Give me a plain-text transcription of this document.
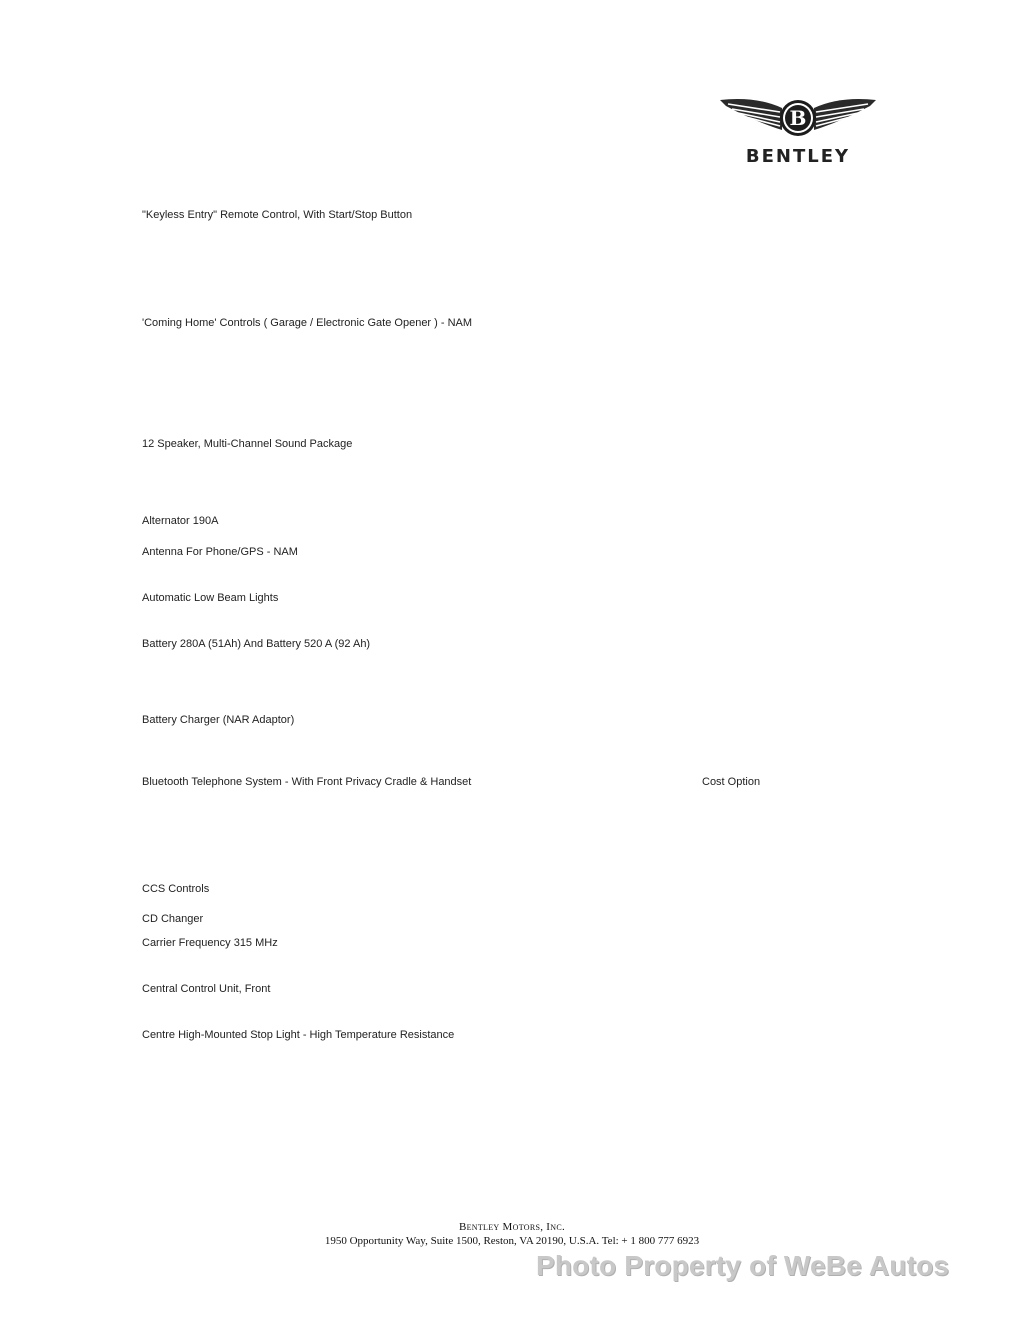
B
BENTLEY
"Keyless Entry" Remote Control, With Start/Stop Button
'Coming Home' Controls ( Garage / Electronic Gate Opener ) - NAM
12 Speaker, Multi-Channel Sound Package
Alternator 190A
Antenna For Phone/GPS - NAM
Automatic Low Beam Lights
Battery 280A (51Ah) And Battery 520 A (92 Ah)
Battery Charger (NAR Adaptor)
Bluetooth Telephone System - With Front Privacy Cradle & Handset	Cost Option
CCS Controls
CD Changer
Carrier Frequency 315 MHz
Central Control Unit, Front
Centre High-Mounted Stop Light - High Temperature Resistance
Bentley Motors, Inc.
1950 Opportunity Way, Suite 1500, Reston, VA 20190, U.S.A. Tel: + 1 800 777 6923
Photo Property of WeBe Autos
